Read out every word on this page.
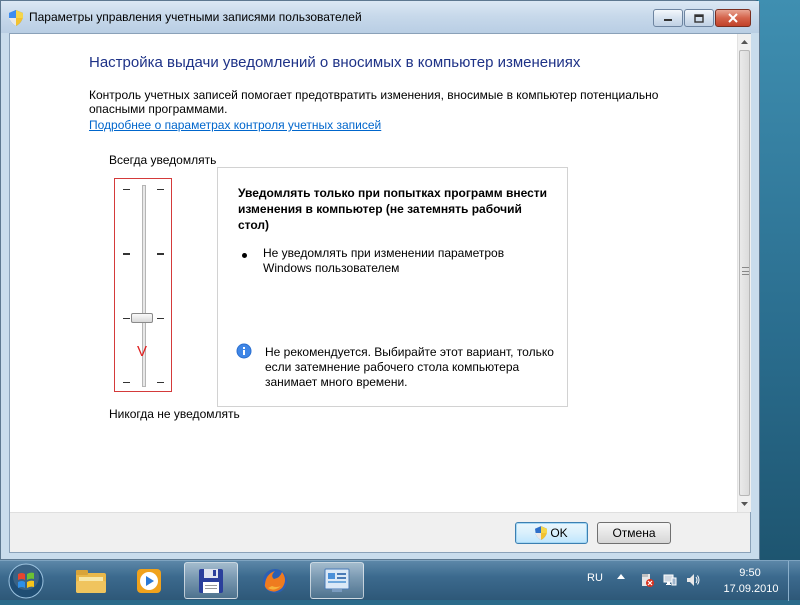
Параметры управления учетными записями пользователей
Настройка выдачи уведомлений о вносимых в компьютер изменениях
Контроль учетных записей помогает предотвратить изменения, вносимые в компьютер потенциально опасными программами.
Подробнее о параметрах контроля учетных записей
Всегда уведомлять
V
Никогда не уведомлять
Уведомлять только при попытках программ внести изменения в компьютер (не затемнять рабочий стол)
Не уведомлять при изменении параметров Windows пользователем
Не рекомендуется. Выбирайте этот вариант, только если затемнение рабочего стола компьютера занимает много времени.
OK	Отмена
RU	9:50
17.09.2010
